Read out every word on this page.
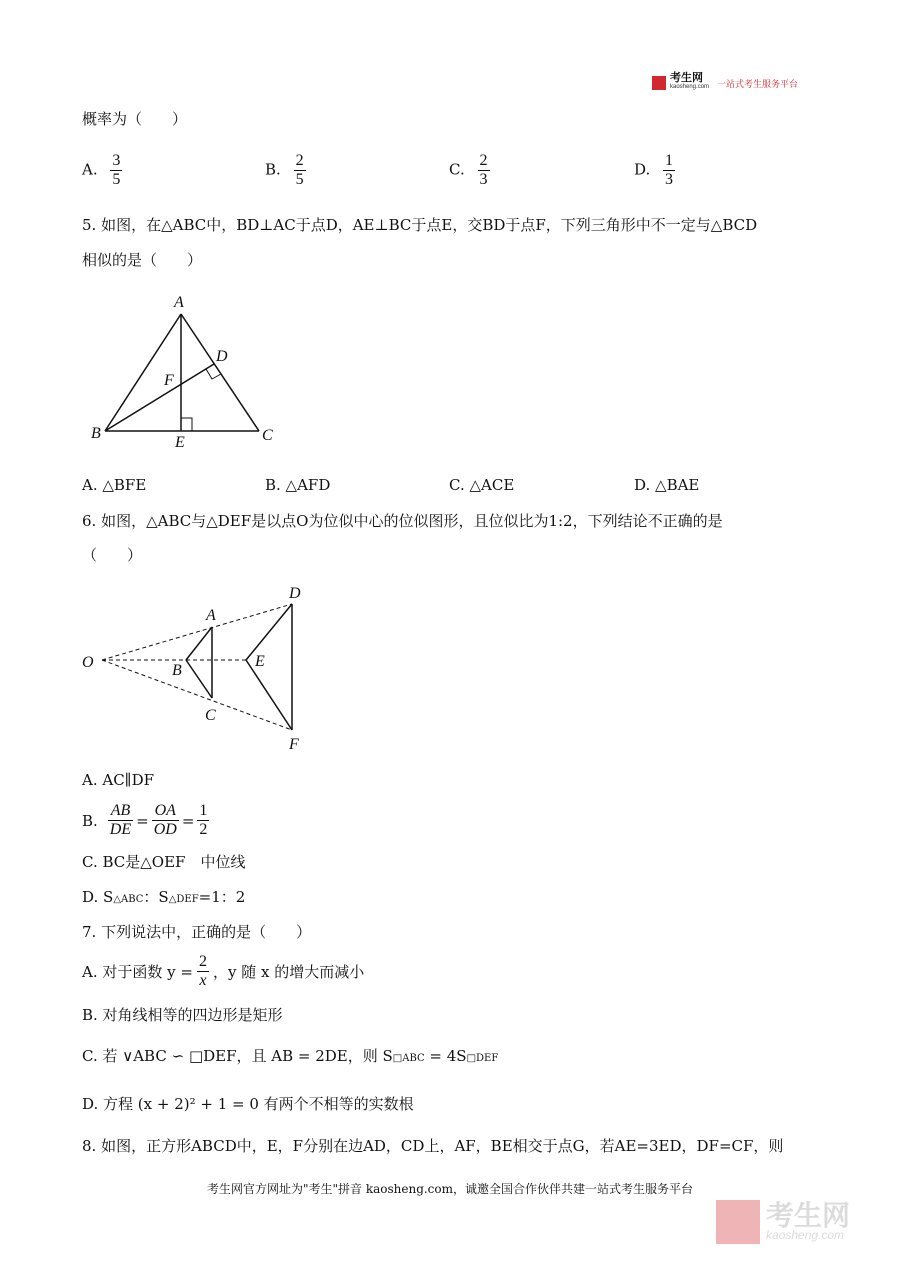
考生网
kaosheng.com 一站式考生服务平台
概率为（　　）
A. $\frac{3}{5}$	B. $\frac{2}{5}$	C. $\frac{2}{3}$	D. $\frac{1}{3}$
5. 如图，在△ABC中，BD⊥AC于点D，AE⊥BC于点E，交BD于点F，下列三角形中不一定与△BCD
相似的是（　　）
A
B	C
D
E
F
A. △BFE	B. △AFD	C. △ACE	D. △BAE
6. 如图，△ABC与△DEF是以点O为位似中心的位似图形，且位似比为1:2，下列结论不正确的是
（　　）
O
A
B
C
D
E
F
A. AC∥DF
B. $\frac{AB}{DE} = \frac{OA}{OD} = \frac{1}{2}$
C. BC是△OEF　中位线
D. S△ABC：S△DEF=1：2
7. 下列说法中，正确的是（　　）
A. 对于函数 $y = \frac{2}{x}$ ，y 随 x 的增大而减小
B. 对角线相等的四边形是矩形
C. 若 ∨ABC ∽ □DEF，且 AB = 2DE，则 S□ABC = 4S□DEF
D. 方程 (x + 2)² + 1 = 0 有两个不相等的实数根
8. 如图，正方形ABCD中，E，F分别在边AD，CD上，AF，BE相交于点G，若AE=3ED，DF=CF，则
考生网官方网址为"考生"拼音 kaosheng.com，诚邀全国合作伙伴共建一站式考生服务平台
考生网
kaosheng.com
